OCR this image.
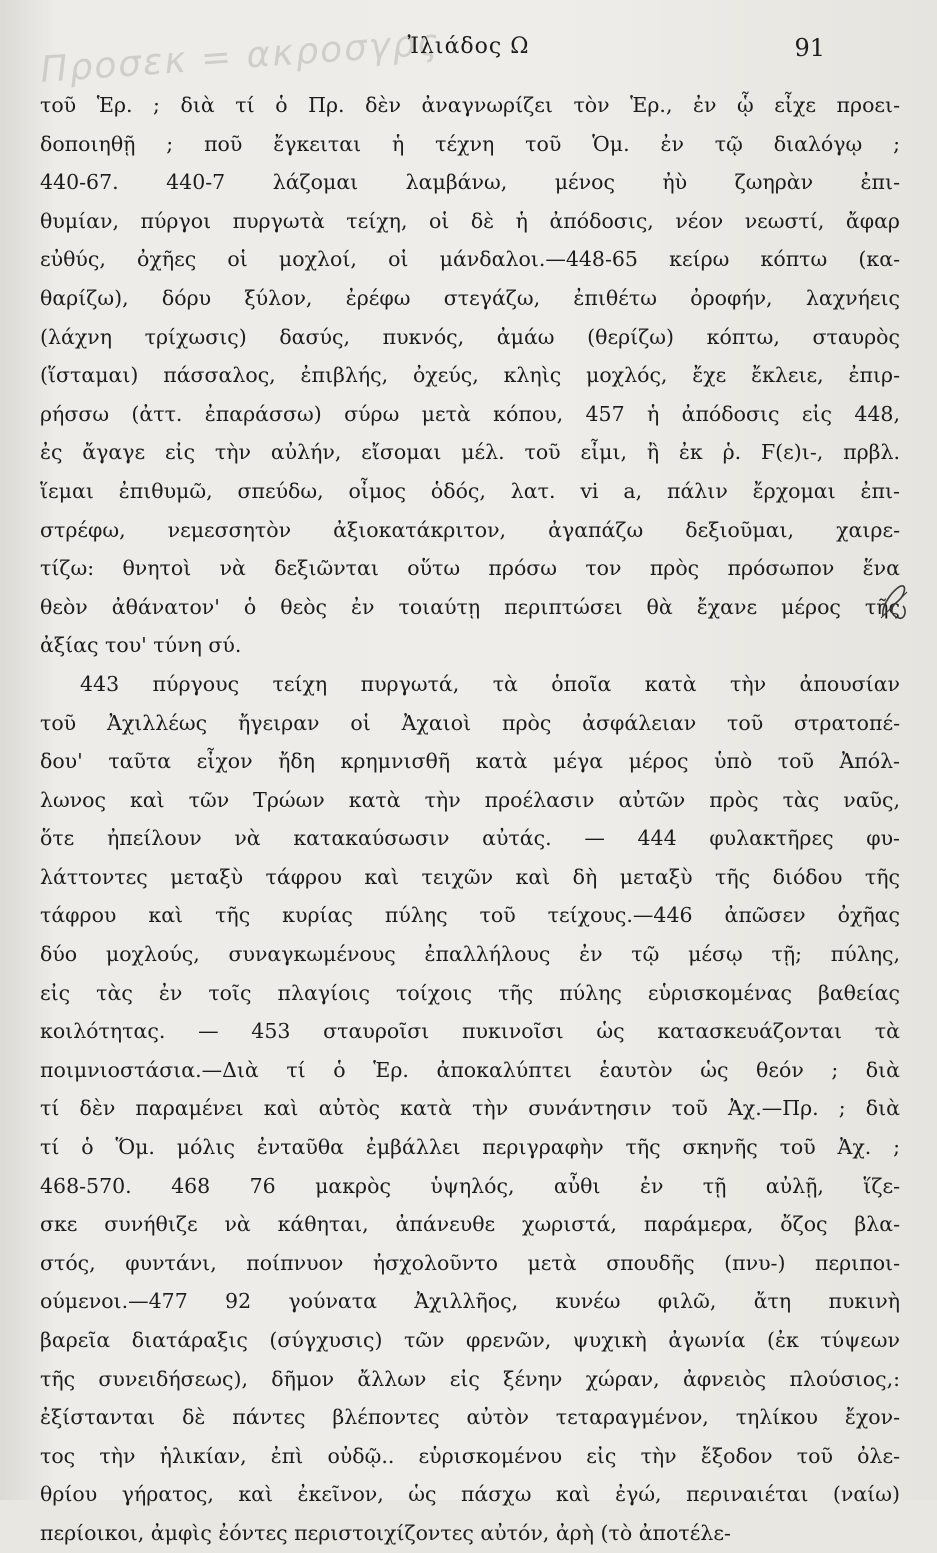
Προσεκ = ακροσγρς
Ἰλιάδος Ω	91

τοῦ Ἑρ. ; διὰ τί ὁ Πρ. δὲν ἀναγνωρίζει τὸν Ἑρ., ἐν ᾧ εἶχε προει-
δοποιηθῇ ; ποῦ ἔγκειται ἡ τέχνη τοῦ Ὁμ. ἐν τῷ διαλόγῳ ;
440-67. 440-7 λάζομαι λαμβάνω, μένος ἠὺ ζωηρὰν ἐπι-
θυμίαν, πύργοι πυργωτὰ τείχη, οἱ δὲ ἡ ἀπόδοσις, νέον νεωστί, ἄφαρ
εὐθύς, ὀχῆες οἱ μοχλοί, οἱ μάνδαλοι.—448-65 κείρω κόπτω (κα-
θαρίζω), δόρυ ξύλον, ἐρέφω στεγάζω, ἐπιθέτω ὀροφήν, λαχνήεις
(λάχνη τρίχωσις) δασύς, πυκνός, ἀμάω (θερίζω) κόπτω, σταυρὸς
(ἵσταμαι) πάσσαλος, ἐπιβλής, ὀχεύς, κληὶς μοχλός, ἔχε ἔκλειε, ἐπιρ-
ρήσσω (ἀττ. ἐπαράσσω) σύρω μετὰ κόπου, 457 ἡ ἀπόδοσις εἰς 448,
ἐς ἄγαγε εἰς τὴν αὐλήν, εἴσομαι μέλ. τοῦ εἶμι, ἢ ἐκ ῥ. Ϝ(ε)ι-, πρβλ.
ἵεμαι ἐπιθυμῶ, σπεύδω, οἶμος ὁδός, λατ. vi a, πάλιν ἔρχομαι ἐπι-
στρέφω, νεμεσσητὸν ἀξιοκατάκριτον, ἀγαπάζω δεξιοῦμαι, χαιρε-
τίζω: θνητοὶ νὰ δεξιῶνται οὕτω πρόσω τον πρὸς πρόσωπον ἕνα
θεὸν ἀθάνατον' ὁ θεὸς ἐν τοιαύτῃ περιπτώσει θὰ ἔχανε μέρος τῆς
ἀξίας του' τύνη σύ.

443 πύργους τείχη πυργωτά, τὰ ὁποῖα κατὰ τὴν ἀπουσίαν
τοῦ Ἀχιλλέως ἤγειραν οἱ Ἀχαιοὶ πρὸς ἀσφάλειαν τοῦ στρατοπέ-
δου' ταῦτα εἶχον ἤδη κρημνισθῆ κατὰ μέγα μέρος ὑπὸ τοῦ Ἀπόλ-
λωνος καὶ τῶν Τρώων κατὰ τὴν προέλασιν αὐτῶν πρὸς τὰς ναῦς,
ὅτε ἠπείλουν νὰ κατακαύσωσιν αὐτάς. — 444 φυλακτῆρες φυ-
λάττοντες μεταξὺ τάφρου καὶ τειχῶν καὶ δὴ μεταξὺ τῆς διόδου τῆς
τάφρου καὶ τῆς κυρίας πύλης τοῦ τείχους.—446 ἀπῶσεν ὀχῆας
δύο μοχλούς, συναγκωμένους ἐπαλλήλους ἐν τῷ μέσῳ τῇ; πύλης,
εἰς τὰς ἐν τοῖς πλαγίοις τοίχοις τῆς πύλης εὑρισκομένας βαθείας
κοιλότητας. — 453 σταυροῖσι πυκινοῖσι ὡς κατασκευάζονται τὰ
ποιμνιοστάσια.—Διὰ τί ὁ Ἑρ. ἀποκαλύπτει ἑαυτὸν ὡς θεόν ; διὰ
τί δὲν παραμένει καὶ αὐτὸς κατὰ τὴν συνάντησιν τοῦ Ἀχ.—Πρ. ; διὰ
τί ὁ Ὅμ. μόλις ἐνταῦθα ἐμβάλλει περιγραφὴν τῆς σκηνῆς τοῦ Ἀχ. ;
468-570. 468 76 μακρὸς ὑψηλός, αὖθι ἐν τῇ αὐλῇ, ἵζε-
σκε συνήθιζε νὰ κάθηται, ἀπάνευθε χωριστά, παράμερα, ὄζος βλα-
στός, φυντάνι, ποίπνυον ἠσχολοῦντο μετὰ σπουδῆς (πνυ-) περιποι-
ούμενοι.—477 92 γούνατα Ἀχιλλῆος, κυνέω φιλῶ, ἄτη πυκινὴ
βαρεῖα διατάραξις (σύγχυσις) τῶν φρενῶν, ψυχικὴ ἀγωνία (ἐκ τύψεων
τῆς συνειδήσεως), δῆμον ἄλλων εἰς ξένην χώραν, ἀφνειὸς πλούσιος,:
ἐξίστανται δὲ πάντες βλέποντες αὐτὸν τεταραγμένον, τηλίκου ἔχον-
τος τὴν ἡλικίαν, ἐπὶ οὐδῷ.. εὑρισκομένου εἰς τὴν ἔξοδον τοῦ ὀλε-
θρίου γήρατος, καὶ ἐκεῖνον, ὡς πάσχω καὶ ἐγώ, περιναιέται (ναίω)
περίοικοι, ἀμφὶς ἐόντες περιστοιχίζοντες αὐτόν, ἀρὴ (τὸ ἀποτέλε-
